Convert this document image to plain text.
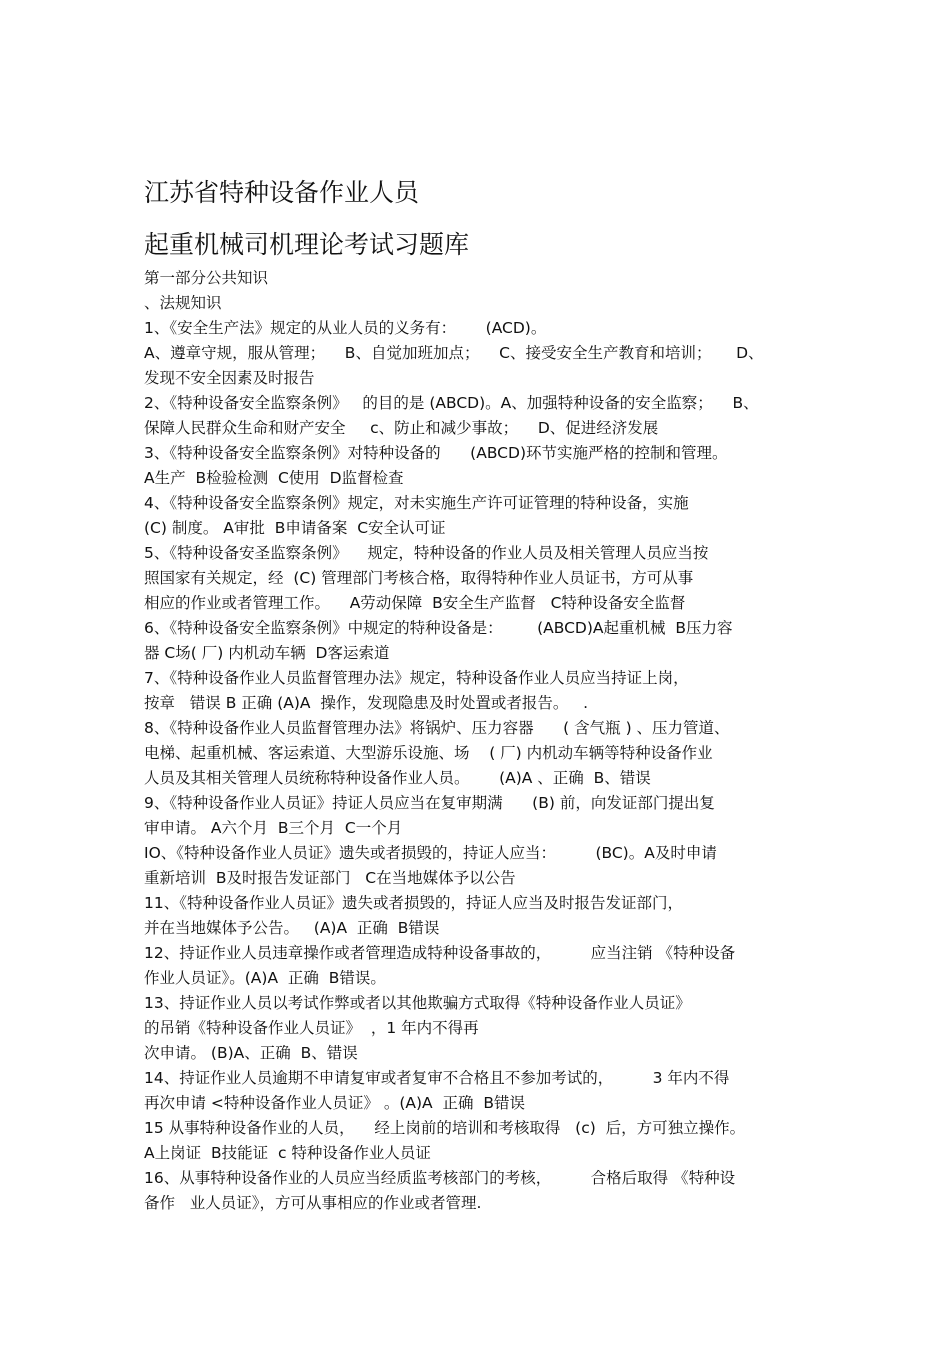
江苏省特种设备作业人员
起重机械司机理论考试习题库
第一部分公共知识
、法规知识
1、《安全生产法》规定的从业人员的义务有：      (ACD)。
A、遵章守规，服从管理；    B、自觉加班加点；    C、接受安全生产教育和培训；     D、
发现不安全因素及时报告
2、《特种设备安全监察条例》   的目的是 (ABCD)。A、加强特种设备的安全监察；    B、
保障人民群众生命和财产安全     c、防止和减少事故；    D、促进经济发展
3、《特种设备安全监察条例》对特种设备的      (ABCD)环节实施严格的控制和管理。
A生产  B检验检测  C使用  D监督检查
4、《特种设备安全监察条例》规定，对未实施生产许可证管理的特种设备，实施
(C) 制度。 A审批  B申请备案  C安全认可证
5、《特种设备安圣监察条例》    规定，特种设备的作业人员及相关管理人员应当按
照国家有关规定，经  (C) 管理部门考核合格，取得特种作业人员证书，方可从事
相应的作业或者管理工作。    A劳动保障  B安全生产监督   C特种设备安全监督
6、《特种设备安全监察条例》中规定的特种设备是：       (ABCD)A起重机械  B压力容
器 C场( 厂) 内机动车辆  D客运索道
7、《特种设备作业人员监督管理办法》规定，特种设备作业人员应当持证上岗，
按章   错误 B 正确 (A)A  操作，发现隐患及时处置或者报告。   .
8、《特种设备作业人员监督管理办法》将锅炉、压力容器      ( 含气瓶 ) 、压力管道、
电梯、起重机械、客运索道、大型游乐设施、场    ( 厂) 内机动车辆等特种设备作业
人员及其相关管理人员统称特种设备作业人员。      (A)A 、正确  B、错误
9、《特种设备作业人员证》持证人员应当在复审期满      (B) 前，向发证部门提出复
审申请。 A六个月  B三个月  C一个月
IO、《特种设备作业人员证》遗失或者损毁的，持证人应当：        (BC)。A及时申请
重新培训  B及时报告发证部门   C在当地媒体予以公告
11、《特种设备作业人员证》遗失或者损毁的，持证人应当及时报告发证部门，
并在当地媒体予公告。   (A)A  正确  B错误
12、持证作业人员违章操作或者管理造成特种设备事故的，        应当注销 《特种设备
作业人员证》。(A)A  正确  B错误。
13、持证作业人员以考试作弊或者以其他欺骗方式取得《特种设备作业人员证》
的吊销《特种设备作业人员证》  ，1 年内不得再
次申请。 (B)A、正确  B、错误
14、持证作业人员逾期不申请复审或者复审不合格且不参加考试的，        3 年内不得
再次申请 <特种设备作业人员证》 。(A)A  正确  B错误
15 从事特种设备作业的人员，    经上岗前的培训和考核取得   (c)  后，方可独立操作。
A上岗证  B技能证  c 特种设备作业人员证
16、从事特种设备作业的人员应当经质监考核部门的考核，        合格后取得 《特种设
备作   业人员证》，方可从事相应的作业或者管理.
